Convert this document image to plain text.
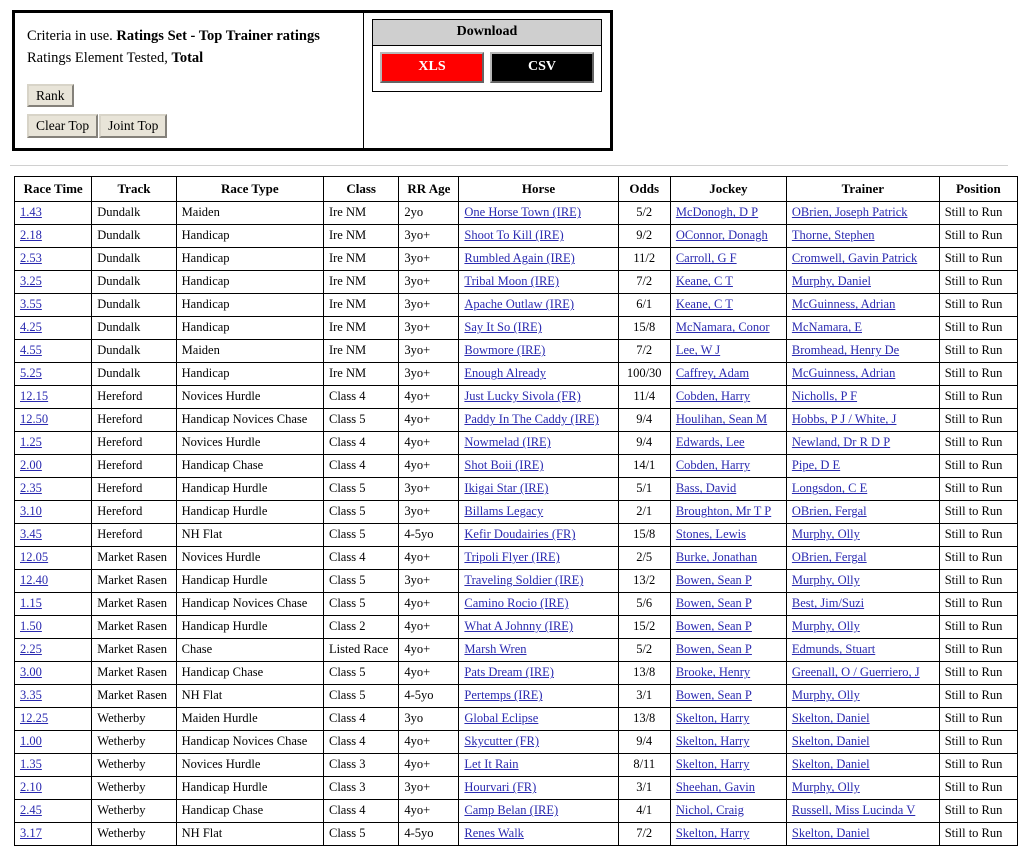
Criteria in use. Ratings Set - Top Trainer ratings
Ratings Element Tested, Total
Rank
Clear Top Joint Top

Download
XLS	CSV
Race Time	Track	Race Type	Class	RR Age	Horse	Odds	Jockey	Trainer	Position
1.43	Dundalk	Maiden	Ire NM	2yo	One Horse Town (IRE)	5/2	McDonogh, D P	OBrien, Joseph Patrick	Still to Run
2.18	Dundalk	Handicap	Ire NM	3yo+	Shoot To Kill (IRE)	9/2	OConnor, Donagh	Thorne, Stephen	Still to Run
2.53	Dundalk	Handicap	Ire NM	3yo+	Rumbled Again (IRE)	11/2	Carroll, G F	Cromwell, Gavin Patrick	Still to Run
3.25	Dundalk	Handicap	Ire NM	3yo+	Tribal Moon (IRE)	7/2	Keane, C T	Murphy, Daniel	Still to Run
3.55	Dundalk	Handicap	Ire NM	3yo+	Apache Outlaw (IRE)	6/1	Keane, C T	McGuinness, Adrian	Still to Run
4.25	Dundalk	Handicap	Ire NM	3yo+	Say It So (IRE)	15/8	McNamara, Conor	McNamara, E	Still to Run
4.55	Dundalk	Maiden	Ire NM	3yo+	Bowmore (IRE)	7/2	Lee, W J	Bromhead, Henry De	Still to Run
5.25	Dundalk	Handicap	Ire NM	3yo+	Enough Already	100/30	Caffrey, Adam	McGuinness, Adrian	Still to Run
12.15	Hereford	Novices Hurdle	Class 4	4yo+	Just Lucky Sivola (FR)	11/4	Cobden, Harry	Nicholls, P F	Still to Run
12.50	Hereford	Handicap Novices Chase	Class 5	4yo+	Paddy In The Caddy (IRE)	9/4	Houlihan, Sean M	Hobbs, P J / White, J	Still to Run
1.25	Hereford	Novices Hurdle	Class 4	4yo+	Nowmelad (IRE)	9/4	Edwards, Lee	Newland, Dr R D P	Still to Run
2.00	Hereford	Handicap Chase	Class 4	4yo+	Shot Boii (IRE)	14/1	Cobden, Harry	Pipe, D E	Still to Run
2.35	Hereford	Handicap Hurdle	Class 5	3yo+	Ikigai Star (IRE)	5/1	Bass, David	Longsdon, C E	Still to Run
3.10	Hereford	Handicap Hurdle	Class 5	3yo+	Billams Legacy	2/1	Broughton, Mr T P	OBrien, Fergal	Still to Run
3.45	Hereford	NH Flat	Class 5	4-5yo	Kefir Doudairies (FR)	15/8	Stones, Lewis	Murphy, Olly	Still to Run
12.05	Market Rasen	Novices Hurdle	Class 4	4yo+	Tripoli Flyer (IRE)	2/5	Burke, Jonathan	OBrien, Fergal	Still to Run
12.40	Market Rasen	Handicap Hurdle	Class 5	3yo+	Traveling Soldier (IRE)	13/2	Bowen, Sean P	Murphy, Olly	Still to Run
1.15	Market Rasen	Handicap Novices Chase	Class 5	4yo+	Camino Rocio (IRE)	5/6	Bowen, Sean P	Best, Jim/Suzi	Still to Run
1.50	Market Rasen	Handicap Hurdle	Class 2	4yo+	What A Johnny (IRE)	15/2	Bowen, Sean P	Murphy, Olly	Still to Run
2.25	Market Rasen	Chase	Listed Race	4yo+	Marsh Wren	5/2	Bowen, Sean P	Edmunds, Stuart	Still to Run
3.00	Market Rasen	Handicap Chase	Class 5	4yo+	Pats Dream (IRE)	13/8	Brooke, Henry	Greenall, O / Guerriero, J	Still to Run
3.35	Market Rasen	NH Flat	Class 5	4-5yo	Pertemps (IRE)	3/1	Bowen, Sean P	Murphy, Olly	Still to Run
12.25	Wetherby	Maiden Hurdle	Class 4	3yo	Global Eclipse	13/8	Skelton, Harry	Skelton, Daniel	Still to Run
1.00	Wetherby	Handicap Novices Chase	Class 4	4yo+	Skycutter (FR)	9/4	Skelton, Harry	Skelton, Daniel	Still to Run
1.35	Wetherby	Novices Hurdle	Class 3	4yo+	Let It Rain	8/11	Skelton, Harry	Skelton, Daniel	Still to Run
2.10	Wetherby	Handicap Hurdle	Class 3	3yo+	Hourvari (FR)	3/1	Sheehan, Gavin	Murphy, Olly	Still to Run
2.45	Wetherby	Handicap Chase	Class 4	4yo+	Camp Belan (IRE)	4/1	Nichol, Craig	Russell, Miss Lucinda V	Still to Run
3.17	Wetherby	NH Flat	Class 5	4-5yo	Renes Walk	7/2	Skelton, Harry	Skelton, Daniel	Still to Run
